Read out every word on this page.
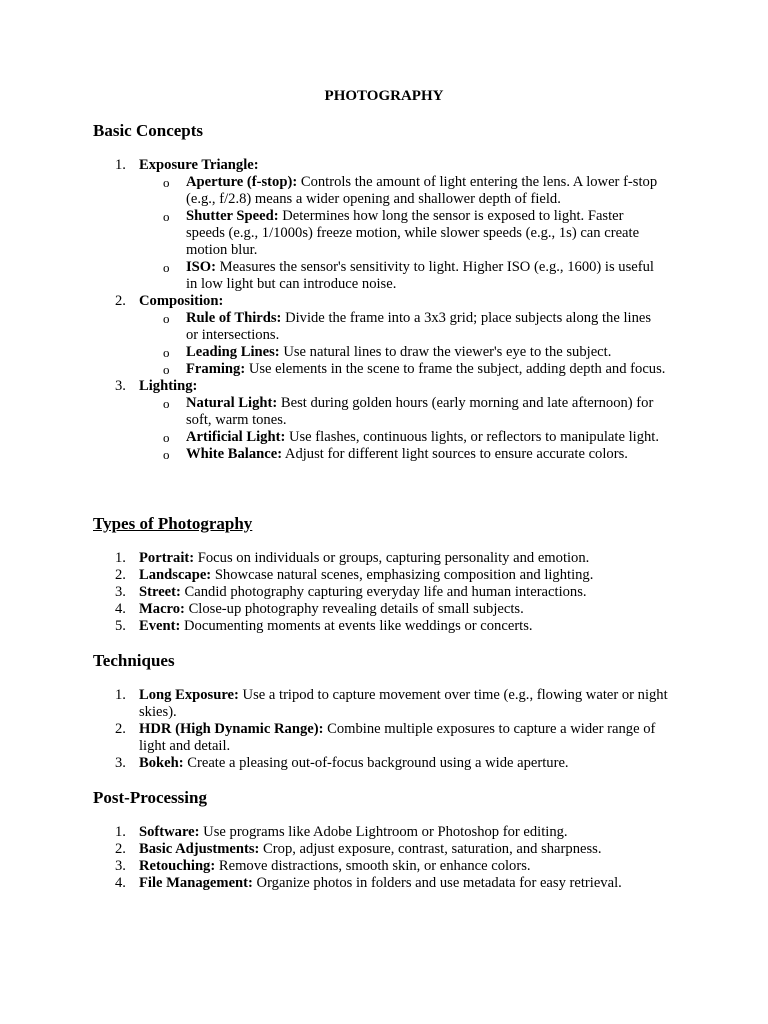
PHOTOGRAPHY
Basic Concepts
1. Exposure Triangle:
o Aperture (f-stop): Controls the amount of light entering the lens. A lower f-stop (e.g., f/2.8) means a wider opening and shallower depth of field.
o Shutter Speed: Determines how long the sensor is exposed to light. Faster speeds (e.g., 1/1000s) freeze motion, while slower speeds (e.g., 1s) can create motion blur.
o ISO: Measures the sensor's sensitivity to light. Higher ISO (e.g., 1600) is useful in low light but can introduce noise.
2. Composition:
o Rule of Thirds: Divide the frame into a 3x3 grid; place subjects along the lines or intersections.
o Leading Lines: Use natural lines to draw the viewer's eye to the subject.
o Framing: Use elements in the scene to frame the subject, adding depth and focus.
3. Lighting:
o Natural Light: Best during golden hours (early morning and late afternoon) for soft, warm tones.
o Artificial Light: Use flashes, continuous lights, or reflectors to manipulate light.
o White Balance: Adjust for different light sources to ensure accurate colors.
Types of Photography
1. Portrait: Focus on individuals or groups, capturing personality and emotion.
2. Landscape: Showcase natural scenes, emphasizing composition and lighting.
3. Street: Candid photography capturing everyday life and human interactions.
4. Macro: Close-up photography revealing details of small subjects.
5. Event: Documenting moments at events like weddings or concerts.
Techniques
1. Long Exposure: Use a tripod to capture movement over time (e.g., flowing water or night skies).
2. HDR (High Dynamic Range): Combine multiple exposures to capture a wider range of light and detail.
3. Bokeh: Create a pleasing out-of-focus background using a wide aperture.
Post-Processing
1. Software: Use programs like Adobe Lightroom or Photoshop for editing.
2. Basic Adjustments: Crop, adjust exposure, contrast, saturation, and sharpness.
3. Retouching: Remove distractions, smooth skin, or enhance colors.
4. File Management: Organize photos in folders and use metadata for easy retrieval.
